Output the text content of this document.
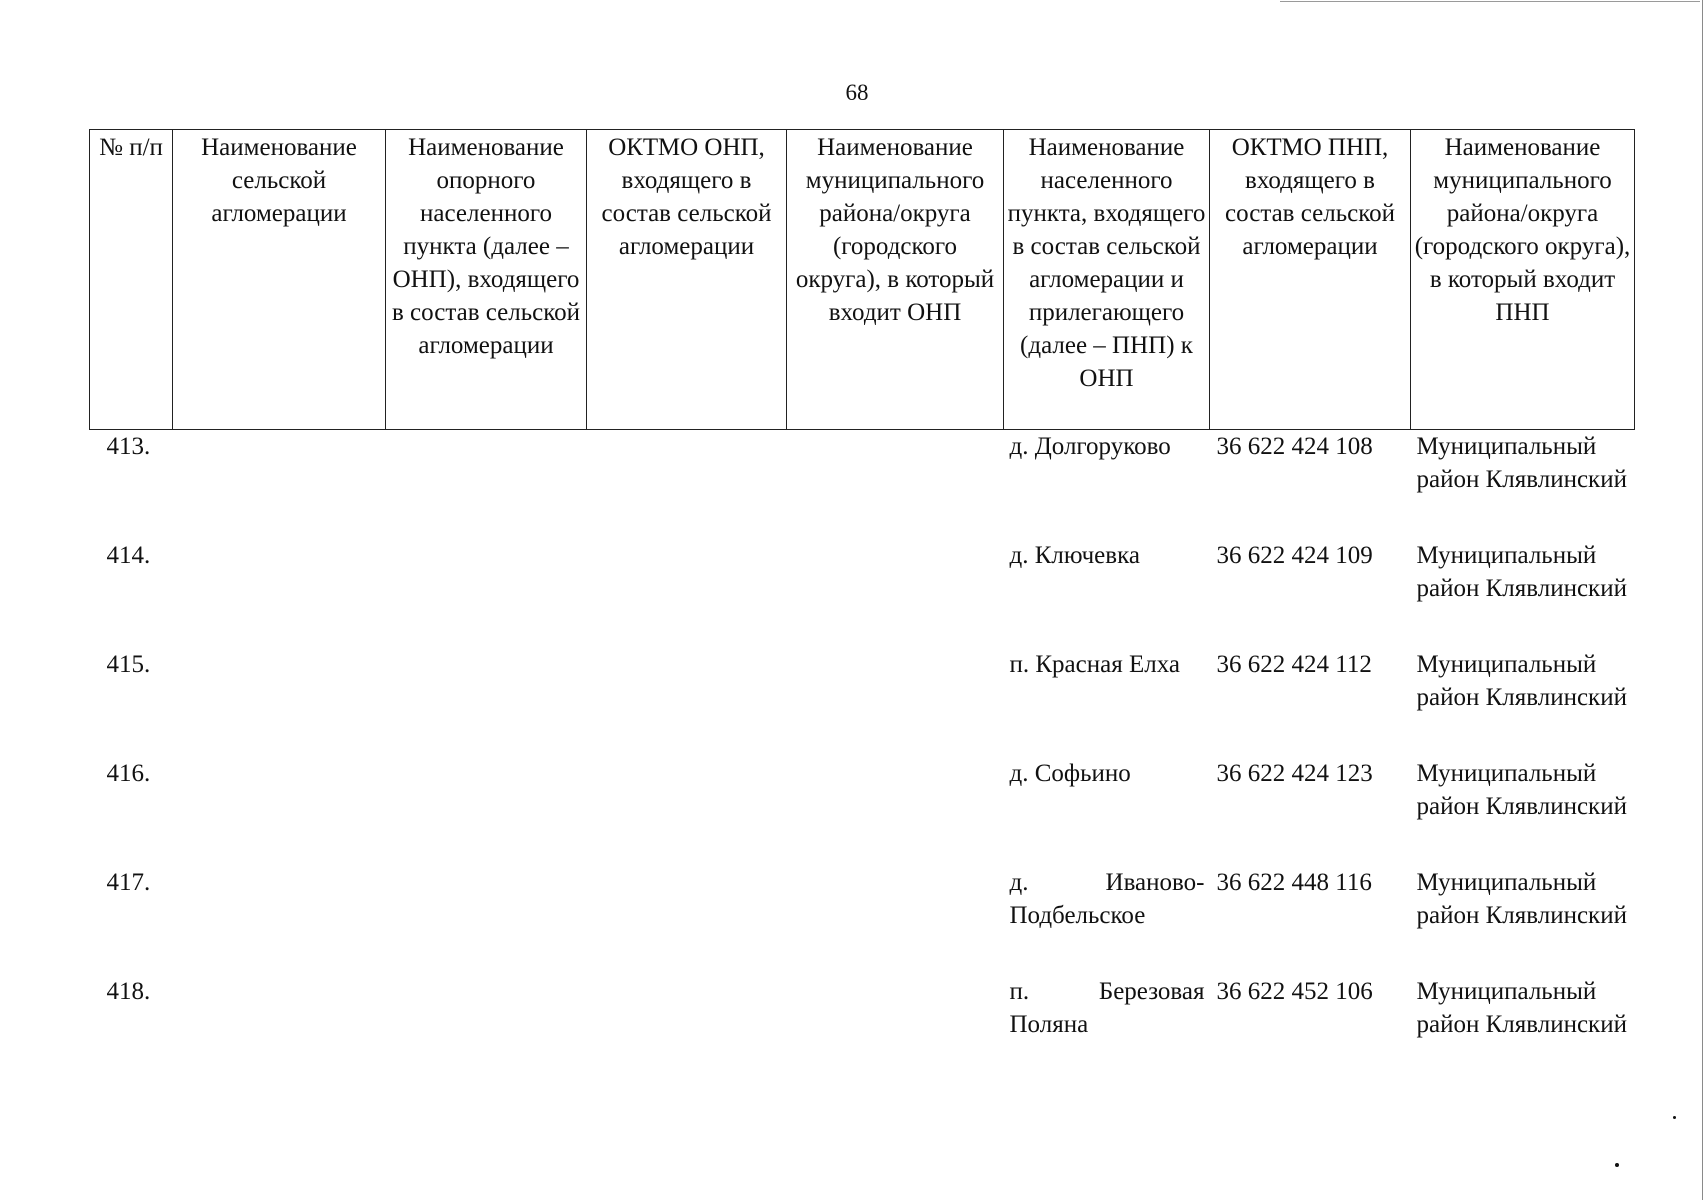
68
№ п/п	Наименование сельской агломерации	Наименование опорного населенного пункта (далее – ОНП), входящего в состав сельской агломерации	ОКТМО ОНП, входящего в состав сельской агломерации	Наименование муниципального района/округа (городского округа), в который входит ОНП	Наименование населенного пункта, входящего в состав сельской агломерации и прилегающего (далее – ПНП) к ОНП	ОКТМО ПНП, входящего в состав сельской агломерации	Наименование муниципального района/округа (городского округа), в который входит ПНП
413.					д. Долгоруково	36 622 424 108	Муниципальный район Клявлинский
414.					д. Ключевка	36 622 424 109	Муниципальный район Клявлинский
415.					п. Красная Елха	36 622 424 112	Муниципальный район Клявлинский
416.					д. Софьино	36 622 424 123	Муниципальный район Клявлинский
417.					д. Иваново-Подбельское	36 622 448 116	Муниципальный район Клявлинский
418.					п. Березовая Поляна	36 622 452 106	Муниципальный район Клявлинский
